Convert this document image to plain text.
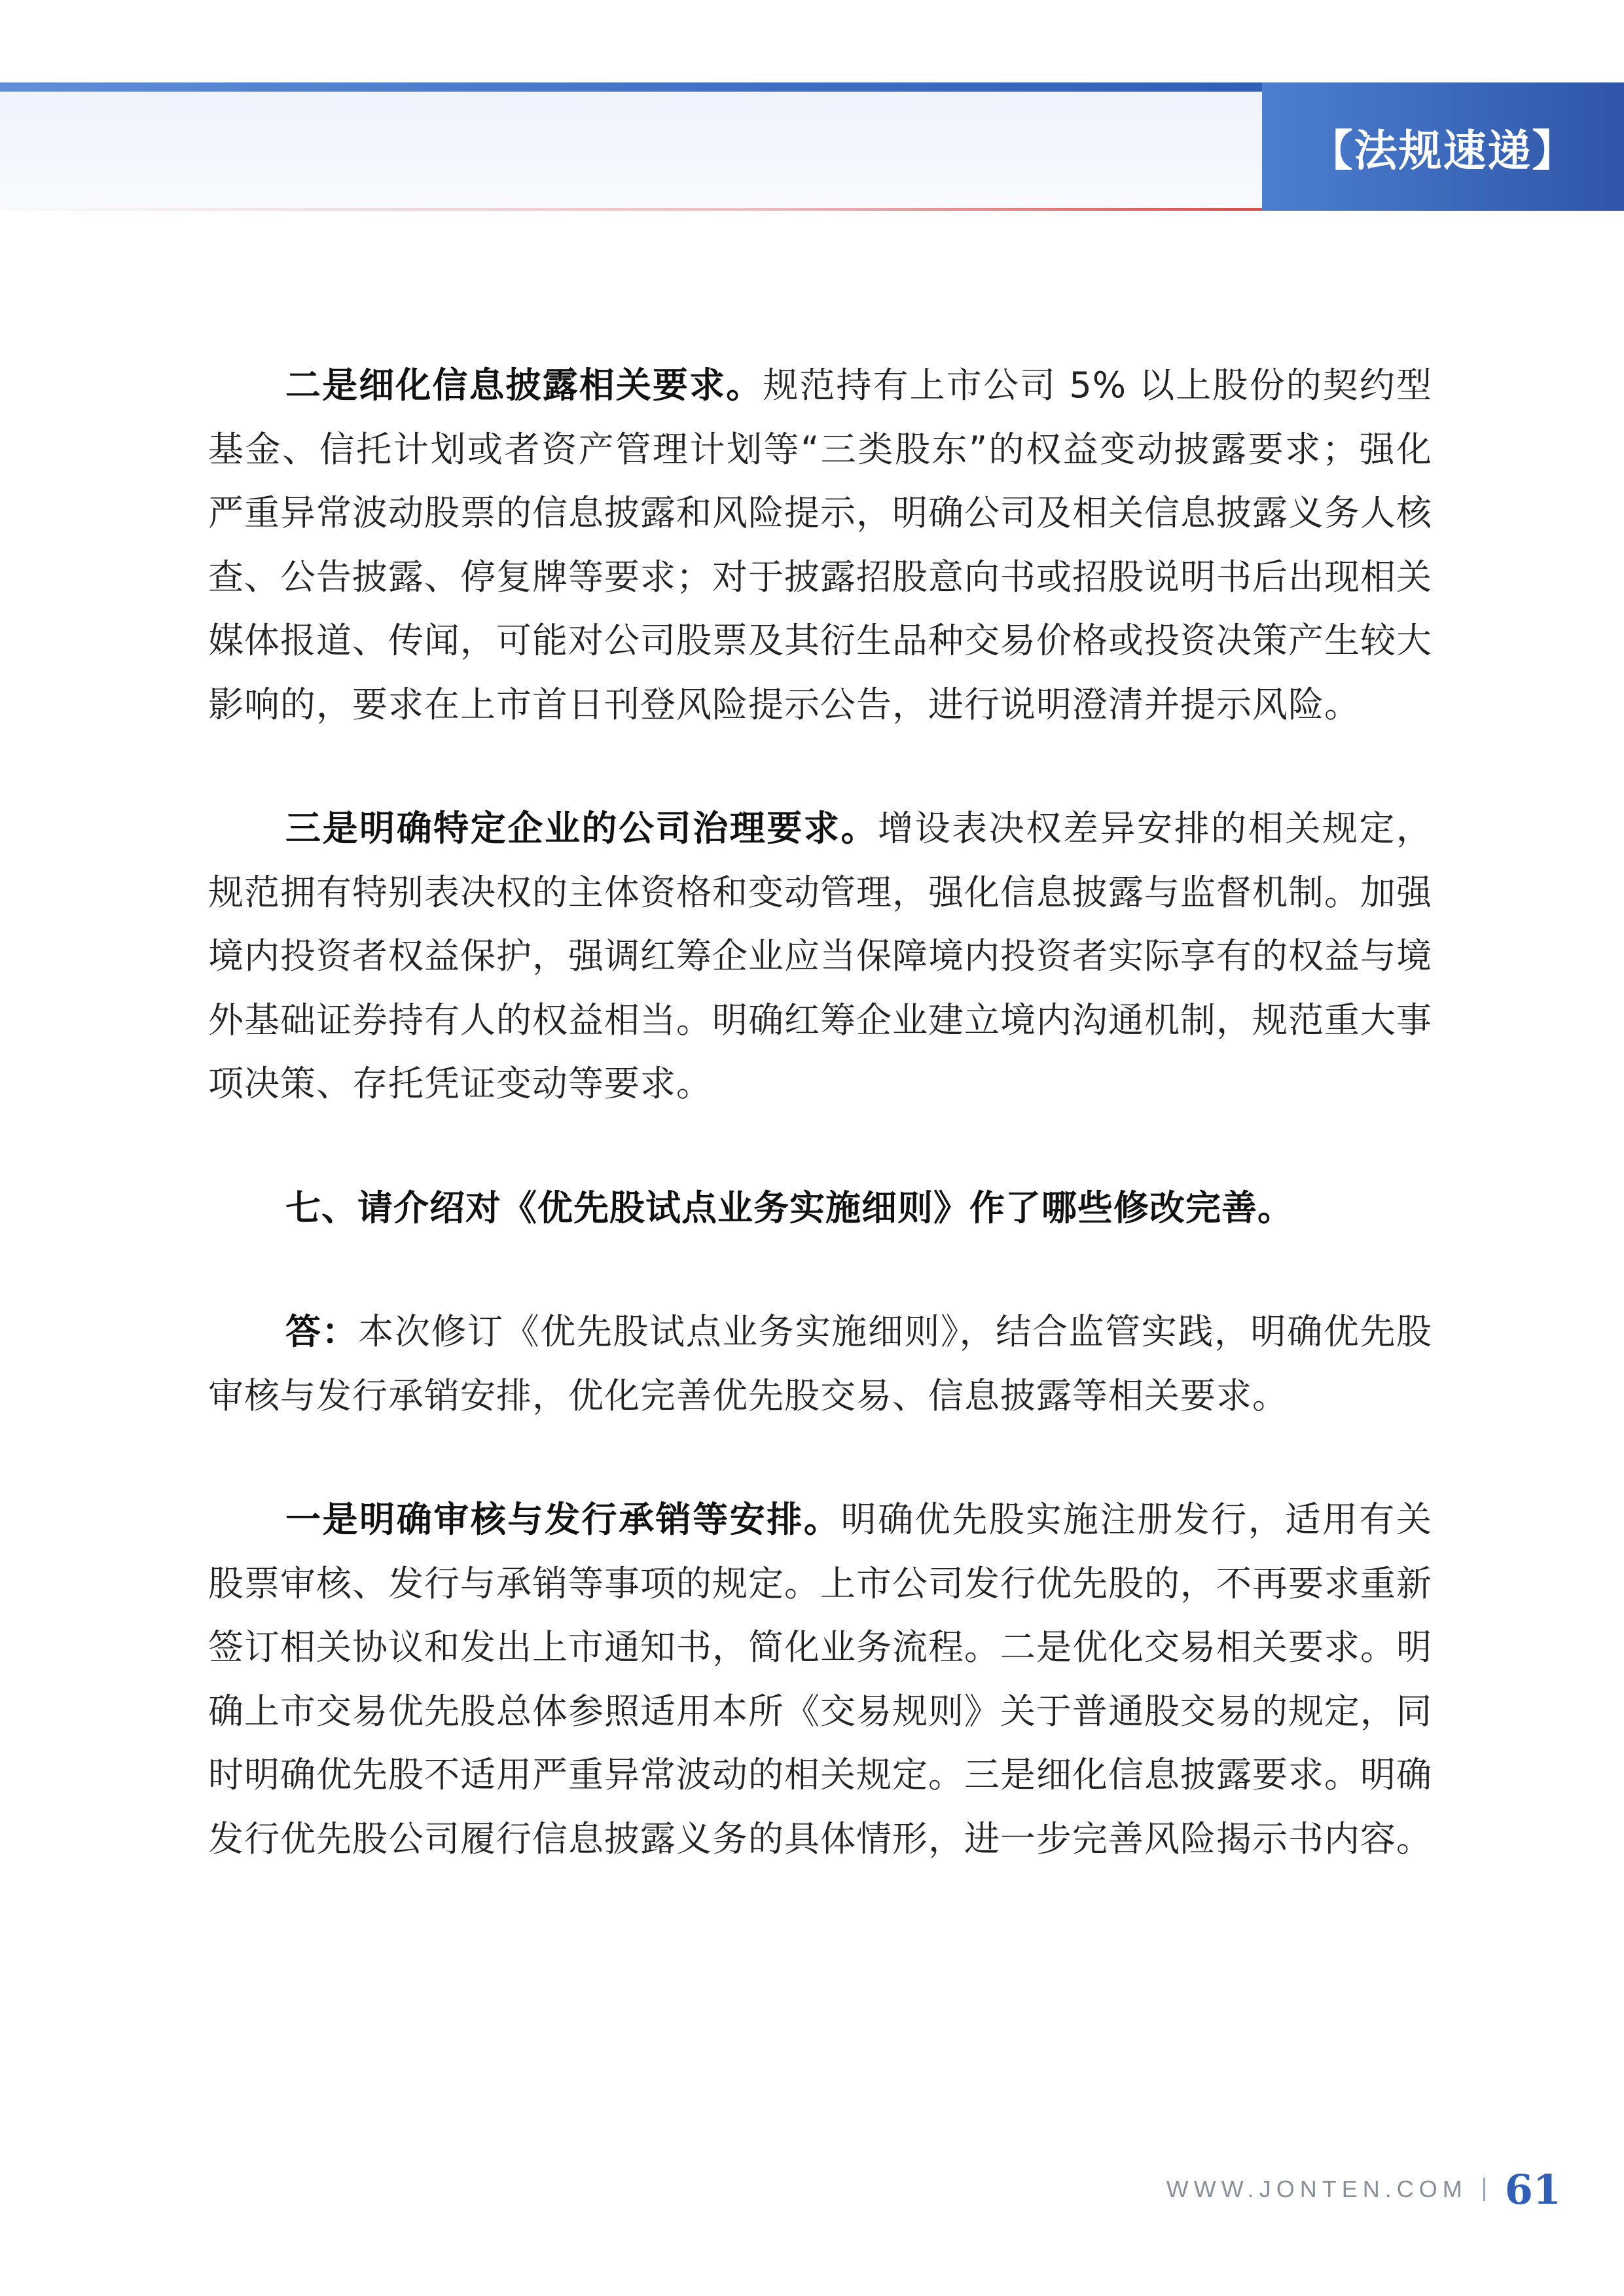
【法规速递】

二是细化信息披露相关要求。规范持有上市公司 5% 以上股份的契约型基金、信托计划或者资产管理计划等“三类股东”的权益变动披露要求；强化严重异常波动股票的信息披露和风险提示，明确公司及相关信息披露义务人核查、公告披露、停复牌等要求；对于披露招股意向书或招股说明书后出现相关媒体报道、传闻，可能对公司股票及其衍生品种交易价格或投资决策产生较大影响的，要求在上市首日刊登风险提示公告，进行说明澄清并提示风险。

三是明确特定企业的公司治理要求。增设表决权差异安排的相关规定，规范拥有特别表决权的主体资格和变动管理，强化信息披露与监督机制。加强境内投资者权益保护，强调红筹企业应当保障境内投资者实际享有的权益与境外基础证券持有人的权益相当。明确红筹企业建立境内沟通机制，规范重大事项决策、存托凭证变动等要求。

七、请介绍对《优先股试点业务实施细则》作了哪些修改完善。

答：本次修订《优先股试点业务实施细则》，结合监管实践，明确优先股审核与发行承销安排，优化完善优先股交易、信息披露等相关要求。

一是明确审核与发行承销等安排。明确优先股实施注册发行，适用有关股票审核、发行与承销等事项的规定。上市公司发行优先股的，不再要求重新签订相关协议和发出上市通知书，简化业务流程。二是优化交易相关要求。明确上市交易优先股总体参照适用本所《交易规则》关于普通股交易的规定，同时明确优先股不适用严重异常波动的相关规定。三是细化信息披露要求。明确发行优先股公司履行信息披露义务的具体情形，进一步完善风险揭示书内容。

WWW.JONTEN.COM 61
